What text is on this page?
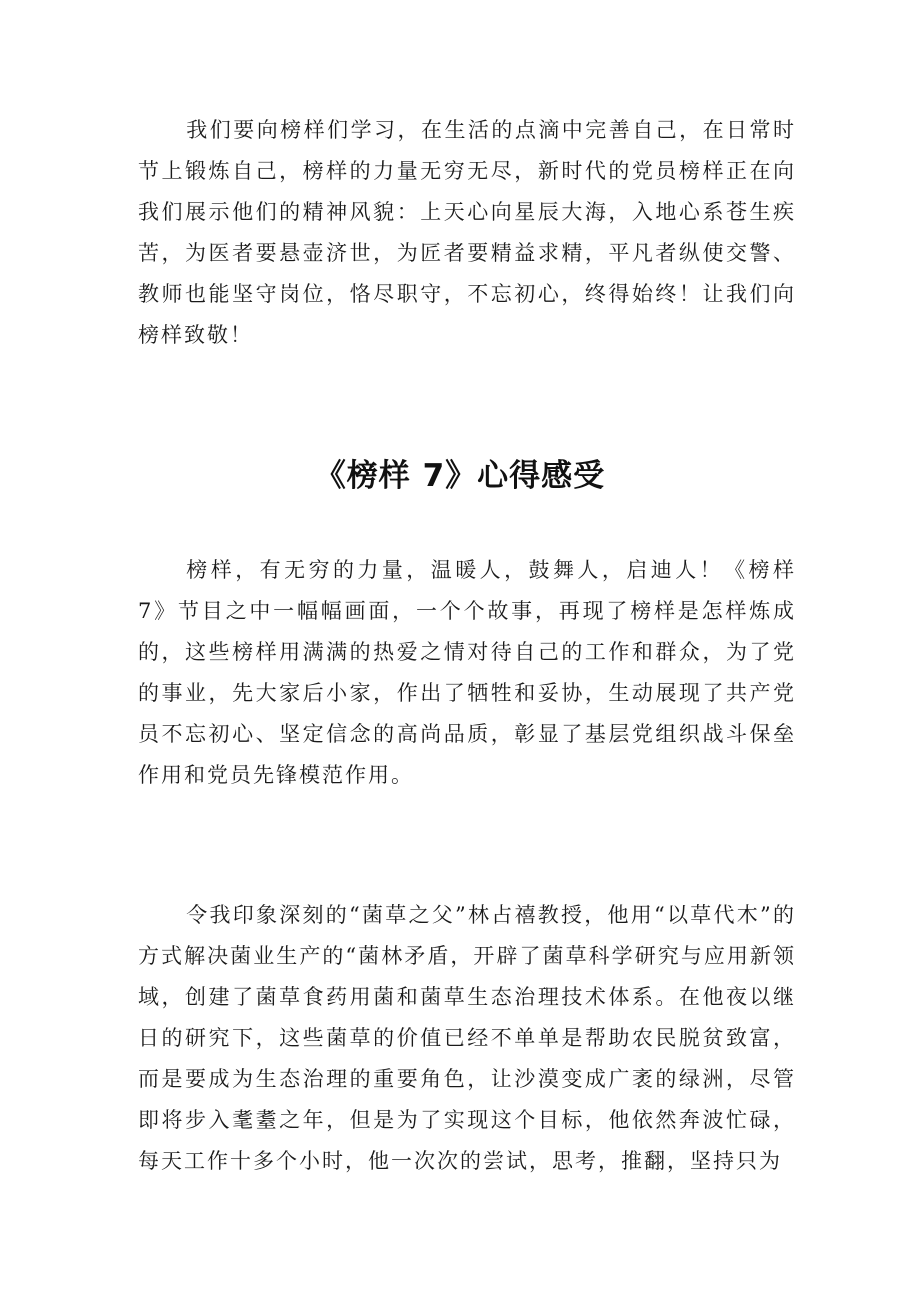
我们要向榜样们学习，在生活的点滴中完善自己，在日常时节上锻炼自己，榜样的力量无穷无尽，新时代的党员榜样正在向我们展示他们的精神风貌：上天心向星辰大海，入地心系苍生疾苦，为医者要悬壶济世，为匠者要精益求精，平凡者纵使交警、教师也能坚守岗位，恪尽职守，不忘初心，终得始终！让我们向榜样致敬！

《榜样 7》心得感受

榜样，有无穷的力量，温暖人，鼓舞人，启迪人！《榜样 7》节目之中一幅幅画面，一个个故事，再现了榜样是怎样炼成的，这些榜样用满满的热爱之情对待自己的工作和群众，为了党的事业，先大家后小家，作出了牺牲和妥协，生动展现了共产党员不忘初心、坚定信念的高尚品质，彰显了基层党组织战斗保垒作用和党员先锋模范作用。

令我印象深刻的“菌草之父”林占禧教授，他用“以草代木”的方式解决菌业生产的“菌林矛盾，开辟了菌草科学研究与应用新领域，创建了菌草食药用菌和菌草生态治理技术体系。在他夜以继日的研究下，这些菌草的价值已经不单单是帮助农民脱贫致富，而是要成为生态治理的重要角色，让沙漠变成广袤的绿洲，尽管即将步入耄耋之年，但是为了实现这个目标，他依然奔波忙碌，每天工作十多个小时，他一次次的尝试，思考，推翻，坚持只为
